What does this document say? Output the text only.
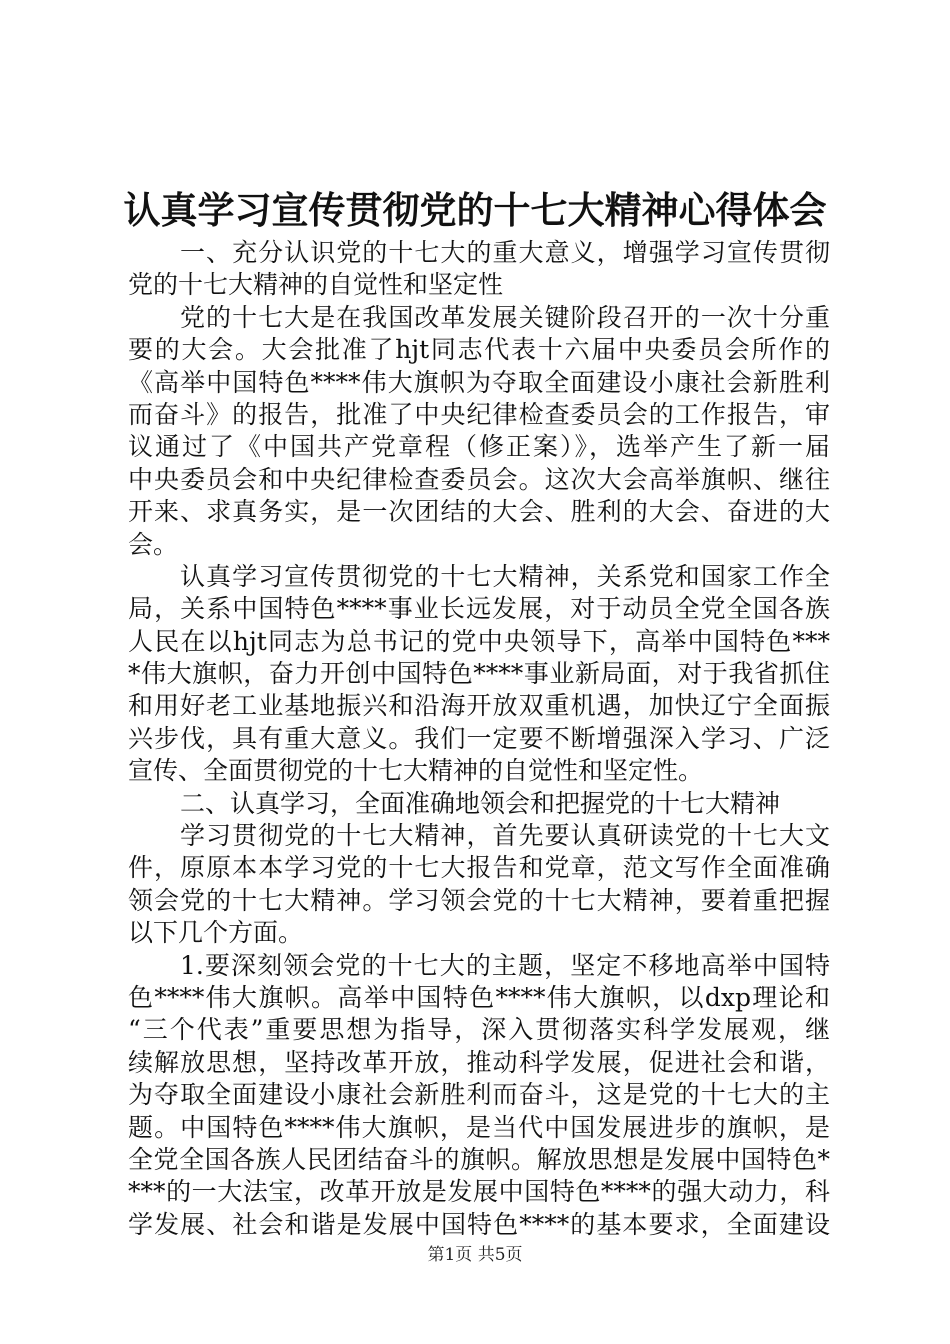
认真学习宣传贯彻党的十七大精神心得体会
一、充分认识党的十七大的重大意义，增强学习宣传贯彻
党的十七大精神的自觉性和坚定性
党的十七大是在我国改革发展关键阶段召开的一次十分重
要的大会。大会批准了hjt同志代表十六届中央委员会所作的
《高举中国特色****伟大旗帜为夺取全面建设小康社会新胜利
而奋斗》的报告，批准了中央纪律检查委员会的工作报告，审
议通过了《中国共产党章程（修正案）》，选举产生了新一届
中央委员会和中央纪律检查委员会。这次大会高举旗帜、继往
开来、求真务实，是一次团结的大会、胜利的大会、奋进的大
会。
认真学习宣传贯彻党的十七大精神，关系党和国家工作全
局，关系中国特色****事业长远发展，对于动员全党全国各族
人民在以hjt同志为总书记的党中央领导下，高举中国特色***
*伟大旗帜，奋力开创中国特色****事业新局面，对于我省抓住
和用好老工业基地振兴和沿海开放双重机遇，加快辽宁全面振
兴步伐，具有重大意义。我们一定要不断增强深入学习、广泛
宣传、全面贯彻党的十七大精神的自觉性和坚定性。
二、认真学习，全面准确地领会和把握党的十七大精神
学习贯彻党的十七大精神，首先要认真研读党的十七大文
件，原原本本学习党的十七大报告和党章，范文写作全面准确
领会党的十七大精神。学习领会党的十七大精神，要着重把握
以下几个方面。
1.要深刻领会党的十七大的主题，坚定不移地高举中国特
色****伟大旗帜。高举中国特色****伟大旗帜，以dxp理论和
“三个代表”重要思想为指导，深入贯彻落实科学发展观，继
续解放思想，坚持改革开放，推动科学发展，促进社会和谐，
为夺取全面建设小康社会新胜利而奋斗，这是党的十七大的主
题。中国特色****伟大旗帜，是当代中国发展进步的旗帜，是
全党全国各族人民团结奋斗的旗帜。解放思想是发展中国特色*
***的一大法宝，改革开放是发展中国特色****的强大动力，科
学发展、社会和谐是发展中国特色****的基本要求，全面建设
第1页 共5页
